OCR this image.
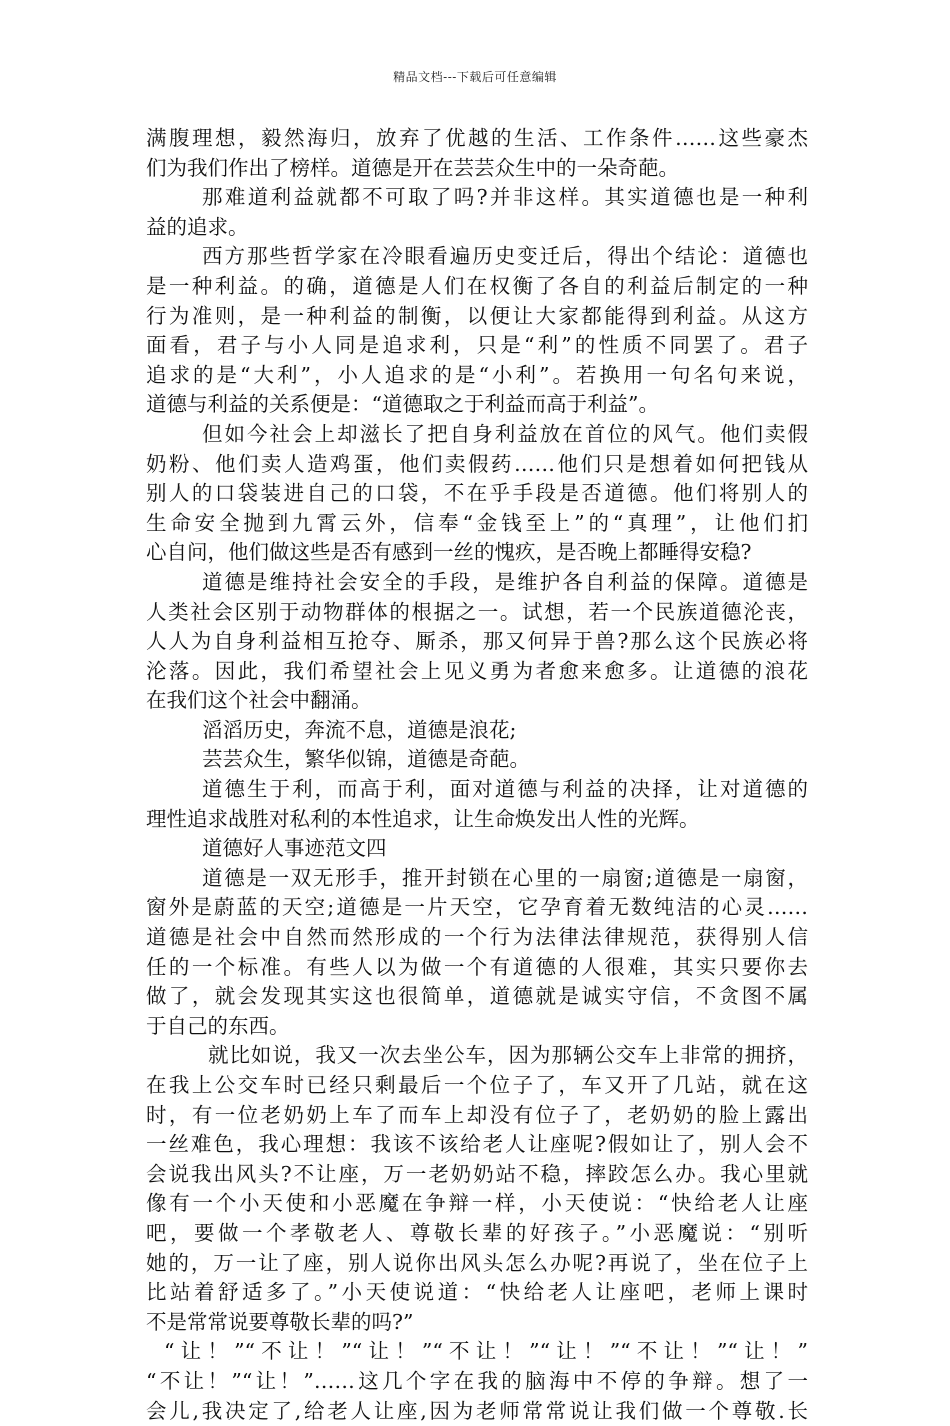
精品文档---下载后可任意编辑
满腹理想，毅然海归，放弃了优越的生活、工作条件……这些豪杰
们为我们作出了榜样。道德是开在芸芸众生中的一朵奇葩。
那难道利益就都不可取了吗?并非这样。其实道德也是一种利
益的追求。
西方那些哲学家在冷眼看遍历史变迁后，得出个结论：道德也
是一种利益。的确，道德是人们在权衡了各自的利益后制定的一种
行为准则，是一种利益的制衡，以便让大家都能得到利益。从这方
面看，君子与小人同是追求利，只是“利”的性质不同罢了。君子
追求的是“大利”，小人追求的是“小利”。若换用一句名句来说，
道德与利益的关系便是：“道德取之于利益而高于利益”。
但如今社会上却滋长了把自身利益放在首位的风气。他们卖假
奶粉、他们卖人造鸡蛋，他们卖假药……他们只是想着如何把钱从
别人的口袋装进自己的口袋，不在乎手段是否道德。他们将别人的
生命安全抛到九霄云外，信奉“金钱至上”的“真理”，让他们扪
心自问，他们做这些是否有感到一丝的愧疚，是否晚上都睡得安稳?
道德是维持社会安全的手段，是维护各自利益的保障。道德是
人类社会区别于动物群体的根据之一。试想，若一个民族道德沦丧，
人人为自身利益相互抢夺、厮杀，那又何异于兽?那么这个民族必将
沦落。因此，我们希望社会上见义勇为者愈来愈多。让道德的浪花
在我们这个社会中翻涌。
滔滔历史，奔流不息，道德是浪花;
芸芸众生，繁华似锦，道德是奇葩。
道德生于利，而高于利，面对道德与利益的决择，让对道德的
理性追求战胜对私利的本性追求，让生命焕发出人性的光辉。
道德好人事迹范文四
道德是一双无形手，推开封锁在心里的一扇窗;道德是一扇窗，
窗外是蔚蓝的天空;道德是一片天空，它孕育着无数纯洁的心灵……
道德是社会中自然而然形成的一个行为法律法律规范，获得别人信
任的一个标准。有些人以为做一个有道德的人很难，其实只要你去
做了，就会发现其实这也很简单，道德就是诚实守信，不贪图不属
于自己的东西。
就比如说，我又一次去坐公车，因为那辆公交车上非常的拥挤，
在我上公交车时已经只剩最后一个位子了，车又开了几站，就在这
时，有一位老奶奶上车了而车上却没有位子了，老奶奶的脸上露出
一丝难色，我心理想：我该不该给老人让座呢?假如让了，别人会不
会说我出风头?不让座，万一老奶奶站不稳，摔跤怎么办。我心里就
像有一个小天使和小恶魔在争辩一样，小天使说：“快给老人让座
吧，要做一个孝敬老人、尊敬长辈的好孩子。”小恶魔说：“别听
她的，万一让了座，别人说你出风头怎么办呢?再说了，坐在位子上
比站着舒适多了。”小天使说道：“快给老人让座吧，老师上课时
不是常常说要尊敬长辈的吗?”
“让！”“不让！”“让！”“不让！”“让！”“不让！”“让！”
“不让！”“让！”……这几个字在我的脑海中不停的争辩。想了一
会儿,我决定了,给老人让座,因为老师常常说让我们做一个尊敬.长
